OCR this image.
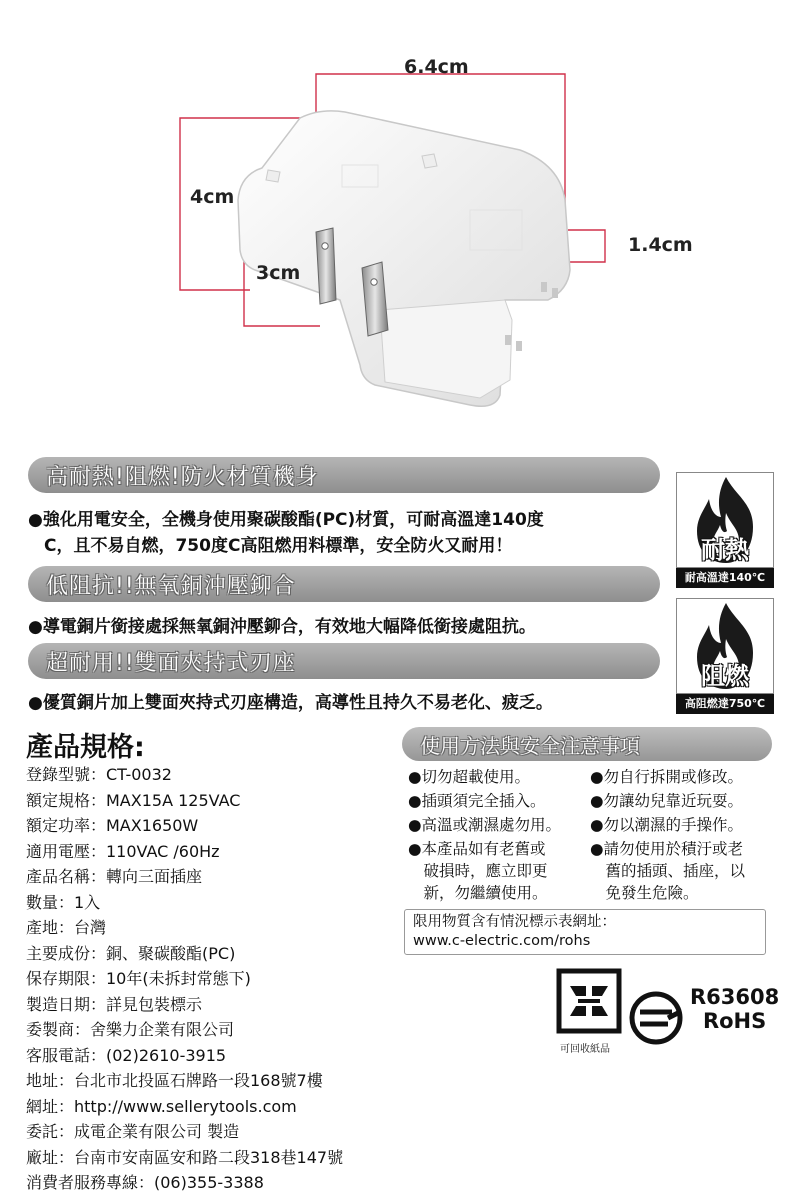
6.4cm
4cm
3cm
1.4cm
高耐熱!阻燃!防火材質機身
●強化用電安全，全機身使用聚碳酸酯(PC)材質，可耐高溫達140度
C，且不易自燃，750度C高阻燃用料標準，安全防火又耐用！
低阻抗!!無氧銅沖壓鉚合
●導電銅片銜接處採無氧銅沖壓鉚合，有效地大幅降低銜接處阻抗。
超耐用!!雙面夾持式刃座
●優質銅片加上雙面夾持式刃座構造，高導性且持久不易老化、疲乏。
耐熱
耐高溫達140℃
阻燃
高阻燃達750℃
產品規格:
登錄型號：CT-0032
額定規格：MAX15A 125VAC
額定功率：MAX1650W
適用電壓：110VAC /60Hz
產品名稱：轉向三面插座
數量：1入
產地：台灣
主要成份：銅、聚碳酸酯(PC)
保存期限：10年(未拆封常態下)
製造日期：詳見包裝標示
委製商：舍樂力企業有限公司
客服電話：(02)2610-3915
地址：台北市北投區石牌路一段168號7樓
網址：http://www.sellerytools.com
委託：成電企業有限公司 製造
廠址：台南市安南區安和路二段318巷147號
消費者服務專線：(06)355-3388
使用方法與安全注意事項
●切勿超載使用。
●插頭須完全插入。
●高溫或潮濕處勿用。
●本產品如有老舊或
　破損時，應立即更
　新，勿繼續使用。
●勿自行拆開或修改。
●勿讓幼兒靠近玩耍。
●勿以潮濕的手操作。
●請勿使用於積汙或老
　舊的插頭、插座，以
　免發生危險。
限用物質含有情況標示表網址：
www.c-electric.com/rohs
可回收紙品
R63608
RoHS
